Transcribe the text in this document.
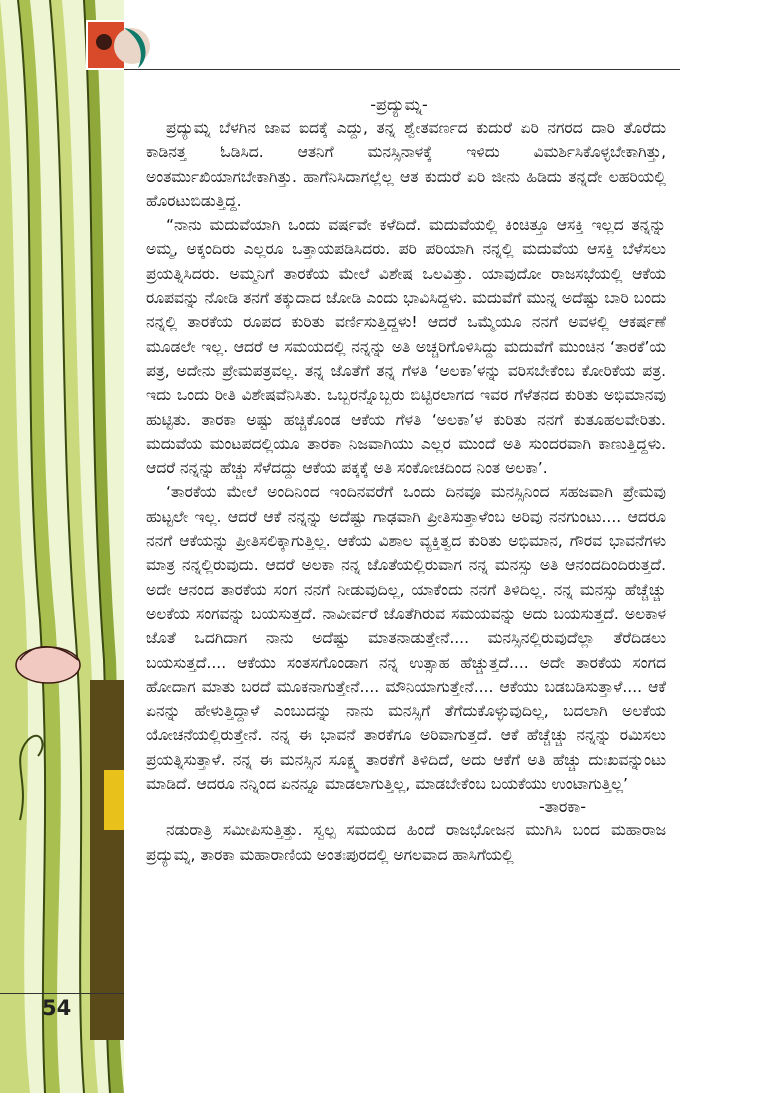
54

-ಪ್ರದ್ಯುಮ್ನ-

ಪ್ರದ್ಯುಮ್ನ ಬೆಳಗಿನ ಜಾವ ಐದಕ್ಕೆ ಎದ್ದು, ತನ್ನ ಶ್ವೇತವರ್ಣದ ಕುದುರೆ ಏರಿ ನಗರದ ದಾರಿ ತೊರೆದು ಕಾಡಿನತ್ತ ಓಡಿಸಿದ. ಆತನಿಗೆ ಮನಸ್ಸಿನಾಳಕ್ಕೆ ಇಳಿದು ವಿಮರ್ಶಿಸಿಕೊಳ್ಳಬೇಕಾಗಿತ್ತು, ಅಂತರ್ಮುಖಿಯಾಗಬೇಕಾಗಿತ್ತು. ಹಾಗೆನಿಸಿದಾಗಲ್ಲೆಲ್ಲ ಆತ ಕುದುರೆ ಏರಿ ಜೀನು ಹಿಡಿದು ತನ್ನದೇ ಲಹರಿಯಲ್ಲಿ ಹೊರಟುಬಿಡುತ್ತಿದ್ದ.

“ನಾನು ಮದುವೆಯಾಗಿ ಒಂದು ವರ್ಷವೇ ಕಳೆದಿದೆ. ಮದುವೆಯಲ್ಲಿ ಕಿಂಚಿತ್ತೂ ಆಸಕ್ತಿ ಇಲ್ಲದ ತನ್ನನ್ನು ಅಮ್ಮ, ಅಕ್ಕಂದಿರು ಎಲ್ಲರೂ ಒತ್ತಾಯಪಡಿಸಿದರು. ಪರಿ ಪರಿಯಾಗಿ ನನ್ನಲ್ಲಿ ಮದುವೆಯ ಆಸಕ್ತಿ ಬೆಳೆಸಲು ಪ್ರಯತ್ನಿಸಿದರು. ಅಮ್ಮನಿಗೆ ತಾರಕೆಯ ಮೇಲೆ ವಿಶೇಷ ಒಲವಿತ್ತು. ಯಾವುದೋ ರಾಜಸಭೆಯಲ್ಲಿ ಆಕೆಯ ರೂಪವನ್ನು ನೋಡಿ ತನಗೆ ತಕ್ಕುದಾದ ಜೋಡಿ ಎಂದು ಭಾವಿಸಿದ್ದಳು. ಮದುವೆಗೆ ಮುನ್ನ ಅದೆಷ್ಟು ಬಾರಿ ಬಂದು ನನ್ನಲ್ಲಿ ತಾರಕೆಯ ರೂಪದ ಕುರಿತು ವರ್ಣಿಸುತ್ತಿದ್ದಳು! ಆದರೆ ಒಮ್ಮೆಯೂ ನನಗೆ ಅವಳಲ್ಲಿ ಆಕರ್ಷಣೆ ಮೂಡಲೇ ಇಲ್ಲ. ಆದರೆ ಆ ಸಮಯದಲ್ಲಿ ನನ್ನನ್ನು ಅತಿ ಅಚ್ಚರಿಗೊಳಿಸಿದ್ದು ಮದುವೆಗೆ ಮುಂಚಿನ ‘ತಾರಕೆ’ಯ ಪತ್ರ, ಅದೇನು ಪ್ರೇಮಪತ್ರವಲ್ಲ. ತನ್ನ ಜೊತೆಗೆ ತನ್ನ ಗೆಳತಿ ‘ಅಲಕಾ’ಳನ್ನು ವರಿಸಬೇಕೆಂಬ ಕೋರಿಕೆಯ ಪತ್ರ. ಇದು ಒಂದು ರೀತಿ ವಿಶೇಷವೆನಿಸಿತು. ಒಬ್ಬರನ್ನೊಬ್ಬರು ಬಿಟ್ಟಿರಲಾಗದ ಇವರ ಗೆಳೆತನದ ಕುರಿತು ಅಭಿಮಾನವು ಹುಟ್ಟಿತು. ತಾರಕಾ ಅಷ್ಟು ಹಚ್ಚಿಕೊಂಡ ಆಕೆಯ ಗೆಳತಿ ‘ಅಲಕಾ’ಳ ಕುರಿತು ನನಗೆ ಕುತೂಹಲವೇರಿತು. ಮದುವೆಯ ಮಂಟಪದಲ್ಲಿಯೂ ತಾರಕಾ ನಿಜವಾಗಿಯು ಎಲ್ಲರ ಮುಂದೆ ಅತಿ ಸುಂದರವಾಗಿ ಕಾಣುತ್ತಿದ್ದಳು. ಆದರೆ ನನ್ನನ್ನು ಹೆಚ್ಚು ಸೆಳೆದದ್ದು ಆಕೆಯ ಪಕ್ಕಕ್ಕೆ ಅತಿ ಸಂಕೋಚದಿಂದ ನಿಂತ ಅಲಕಾ’.

‘ತಾರಕೆಯ ಮೇಲೆ ಅಂದಿನಿಂದ ಇಂದಿನವರೆಗೆ ಒಂದು ದಿನವೂ ಮನಸ್ಸಿನಿಂದ ಸಹಜವಾಗಿ ಪ್ರೇಮವು ಹುಟ್ಟಲೇ ಇಲ್ಲ. ಆದರೆ ಆಕೆ ನನ್ನನ್ನು ಅದೆಷ್ಟು ಗಾಢವಾಗಿ ಪ್ರೀತಿಸುತ್ತಾಳೆಂಬ ಅರಿವು ನನಗುಂಟು.... ಆದರೂ ನನಗೆ ಆಕೆಯನ್ನು ಪ್ರೀತಿಸಲಿಕ್ಕಾಗುತ್ತಿಲ್ಲ. ಆಕೆಯ ವಿಶಾಲ ವ್ಯಕ್ತಿತ್ವದ ಕುರಿತು ಅಭಿಮಾನ, ಗೌರವ ಭಾವನೆಗಳು ಮಾತ್ರ ನನ್ನಲ್ಲಿರುವುದು. ಆದರೆ ಅಲಕಾ ನನ್ನ ಜೊತೆಯಲ್ಲಿರುವಾಗ ನನ್ನ ಮನಸ್ಸು ಅತಿ ಆನಂದದಿಂದಿರುತ್ತದೆ. ಅದೇ ಆನಂದ ತಾರಕೆಯ ಸಂಗ ನನಗೆ ನೀಡುವುದಿಲ್ಲ, ಯಾಕೆಂದು ನನಗೆ ತಿಳಿದಿಲ್ಲ. ನನ್ನ ಮನಸ್ಸು ಹೆಚ್ಚೆಚ್ಚು ಅಲಕೆಯ ಸಂಗವನ್ನು ಬಯಸುತ್ತದೆ. ನಾವೀರ್ವರೆ ಜೊತೆಗಿರುವ ಸಮಯವನ್ನು ಅದು ಬಯಸುತ್ತದೆ. ಅಲಕಾಳ ಜೊತೆ ಒದಗಿದಾಗ ನಾನು ಅದೆಷ್ಟು ಮಾತನಾಡುತ್ತೇನೆ.... ಮನಸ್ಸಿನಲ್ಲಿರುವುದೆಲ್ಲಾ ತೆರೆದಿಡಲು ಬಯಸುತ್ತದೆ.... ಆಕೆಯು ಸಂತಸಗೊಂಡಾಗ ನನ್ನ ಉತ್ಸಾಹ ಹೆಚ್ಚುತ್ತದೆ.... ಅದೇ ತಾರಕೆಯ ಸಂಗದ ಹೋದಾಗ ಮಾತು ಬರದೆ ಮೂಕನಾಗುತ್ತೇನೆ.... ಮೌನಿಯಾಗುತ್ತೇನೆ.... ಆಕೆಯು ಬಡಬಡಿಸುತ್ತಾಳೆ.... ಆಕೆ ಏನನ್ನು ಹೇಳುತ್ತಿದ್ದಾಳೆ ಎಂಬುದನ್ನು ನಾನು ಮನಸ್ಸಿಗೆ ತೆಗೆದುಕೊಳ್ಳುವುದಿಲ್ಲ, ಬದಲಾಗಿ ಅಲಕೆಯ ಯೋಚನೆಯಲ್ಲಿರುತ್ತೇನೆ. ನನ್ನ ಈ ಭಾವನೆ ತಾರಕೆಗೂ ಅರಿವಾಗುತ್ತದೆ. ಆಕೆ ಹೆಚ್ಚೆಚ್ಚು ನನ್ನನ್ನು ರಮಿಸಲು ಪ್ರಯತ್ನಿಸುತ್ತಾಳೆ. ನನ್ನ ಈ ಮನಸ್ಸಿನ ಸೂಕ್ಷ್ಮ ತಾರಕೆಗೆ ತಿಳಿದಿದೆ, ಅದು ಆಕೆಗೆ ಅತಿ ಹೆಚ್ಚು ದುಃಖವನ್ನುಂಟು ಮಾಡಿದೆ. ಆದರೂ ನನ್ನಿಂದ ಏನನ್ನೂ ಮಾಡಲಾಗುತ್ತಿಲ್ಲ, ಮಾಡಬೇಕೆಂಬ ಬಯಕೆಯು ಉಂಟಾಗುತ್ತಿಲ್ಲ’

-ತಾರಕಾ-

ನಡುರಾತ್ರಿ ಸಮೀಪಿಸುತ್ತಿತ್ತು. ಸ್ವಲ್ಪ ಸಮಯದ ಹಿಂದೆ ರಾಜಭೋಜನ ಮುಗಿಸಿ ಬಂದ ಮಹಾರಾಜ ಪ್ರದ್ಯುಮ್ನ, ತಾರಕಾ ಮಹಾರಾಣಿಯ ಅಂತಃಪುರದಲ್ಲಿ ಅಗಲವಾದ ಹಾಸಿಗೆಯಲ್ಲಿ
